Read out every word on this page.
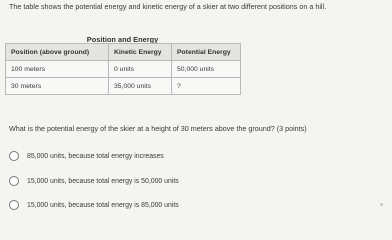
The table shows the potential energy and kinetic energy of a skier at two different positions on a hill.
Position and Energy
Position (above ground)	Kinetic Energy	Potential Energy
100 meters	0 units	50,000 units
30 meters	35,000 units	?
What is the potential energy of the skier at a height of 30 meters above the ground? (3 points)
85,000 units, because total energy increases
15,000 units, because total energy is 50,000 units
15,000 units, because total energy is 85,000 units
